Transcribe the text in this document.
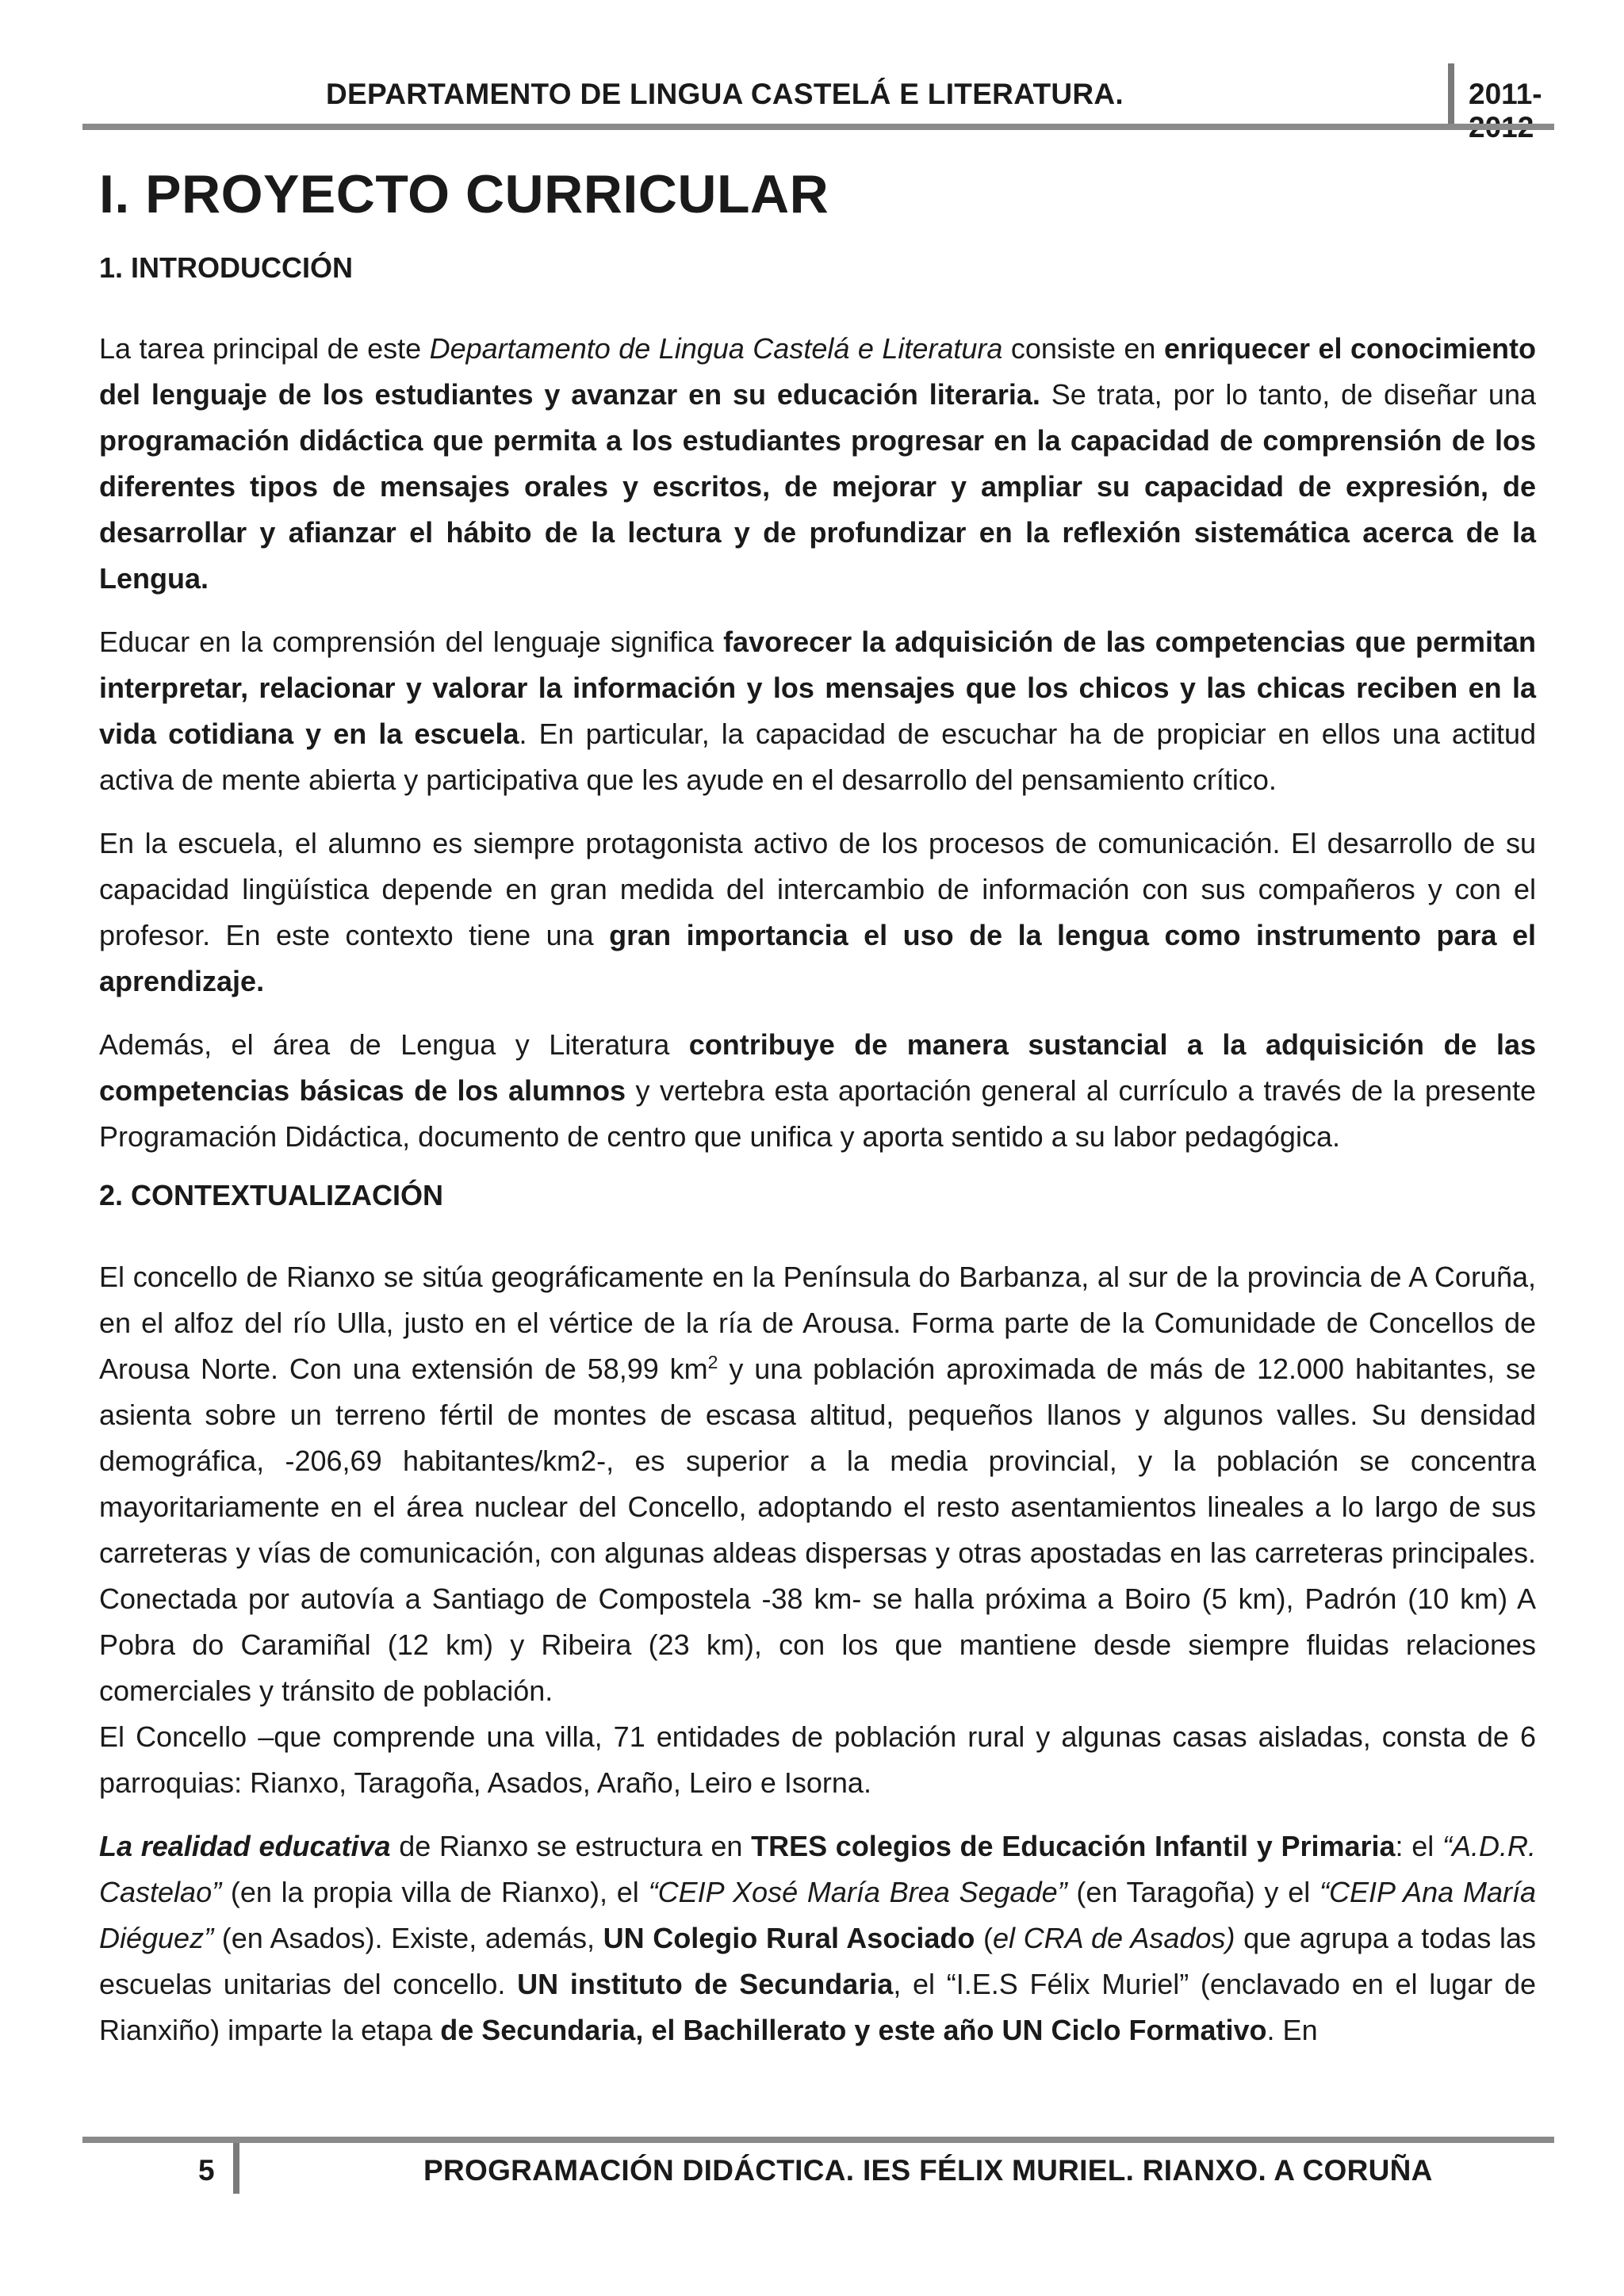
DEPARTAMENTO DE LINGUA CASTELÁ E LITERATURA.	2011-
I. PROYECTO CURRICULAR
1. INTRODUCCIÓN

La tarea principal de este Departamento de Lingua Castelá e Literatura consiste en enriquecer el conocimiento del lenguaje de los estudiantes y avanzar en su educación literaria. Se trata, por lo tanto, de diseñar una programación didáctica que permita a los estudiantes progresar en la capacidad de comprensión de los diferentes tipos de mensajes orales y escritos, de mejorar y ampliar su capacidad de expresión, de desarrollar y afianzar el hábito de la lectura y de profundizar en la reflexión sistemática acerca de la Lengua.

Educar en la comprensión del lenguaje significa favorecer la adquisición de las competencias que permitan interpretar, relacionar y valorar la información y los mensajes que los chicos y las chicas reciben en la vida cotidiana y en la escuela. En particular, la capacidad de escuchar ha de propiciar en ellos una actitud activa de mente abierta y participativa que les ayude en el desarrollo del pensamiento crítico.

En la escuela, el alumno es siempre protagonista activo de los procesos de comunicación. El desarrollo de su capacidad lingüística depende en gran medida del intercambio de información con sus compañeros y con el profesor. En este contexto tiene una gran importancia el uso de la lengua como instrumento para el aprendizaje.

Además, el área de Lengua y Literatura contribuye de manera sustancial a la adquisición de las competencias básicas de los alumnos y vertebra esta aportación general al currículo a través de la presente Programación Didáctica, documento de centro que unifica y aporta sentido a su labor pedagógica.

2. CONTEXTUALIZACIÓN

El concello de Rianxo se sitúa geográficamente en la Península do Barbanza, al sur de la provincia de A Coruña, en el alfoz del río Ulla, justo en el vértice de la ría de Arousa. Forma parte de la Comunidade de Concellos de Arousa Norte. Con una extensión de 58,99 $km^2$ y una población aproximada de más de 12.000 habitantes, se asienta sobre un terreno fértil de montes de escasa altitud, pequeños llanos y algunos valles. Su densidad demográfica, -206,69 habitantes/km2-, es superior a la media provincial, y la población se concentra mayoritariamente en el área nuclear del Concello, adoptando el resto asentamientos lineales a lo largo de sus carreteras y vías de comunicación, con algunas aldeas dispersas y otras apostadas en las carreteras principales. Conectada por autovía a Santiago de Compostela -38 km- se halla próxima a Boiro (5 km), Padrón (10 km) A Pobra do Caramiñal (12 km) y Ribeira (23 km), con los que mantiene desde siempre fluidas relaciones comerciales y tránsito de población.

El Concello –que comprende una villa, 71 entidades de población rural y algunas casas aisladas, consta de 6 parroquias: Rianxo, Taragoña, Asados, Araño, Leiro e Isorna.

La realidad educativa de Rianxo se estructura en TRES colegios de Educación Infantil y Primaria: el “A.D.R. Castelao” (en la propia villa de Rianxo), el “CEIP Xosé María Brea Segade” (en Taragoña) y el “CEIP Ana María Diéguez” (en Asados). Existe, además, UN Colegio Rural Asociado (el CRA de Asados) que agrupa a todas las escuelas unitarias del concello. UN instituto de Secundaria, el “I.E.S Félix Muriel” (enclavado en el lugar de Rianxiño) imparte la etapa de Secundaria, el Bachillerato y este año UN Ciclo Formativo. En

5	PROGRAMACIÓN DIDÁCTICA. IES FÉLIX MURIEL. RIANXO. A CORUÑA
